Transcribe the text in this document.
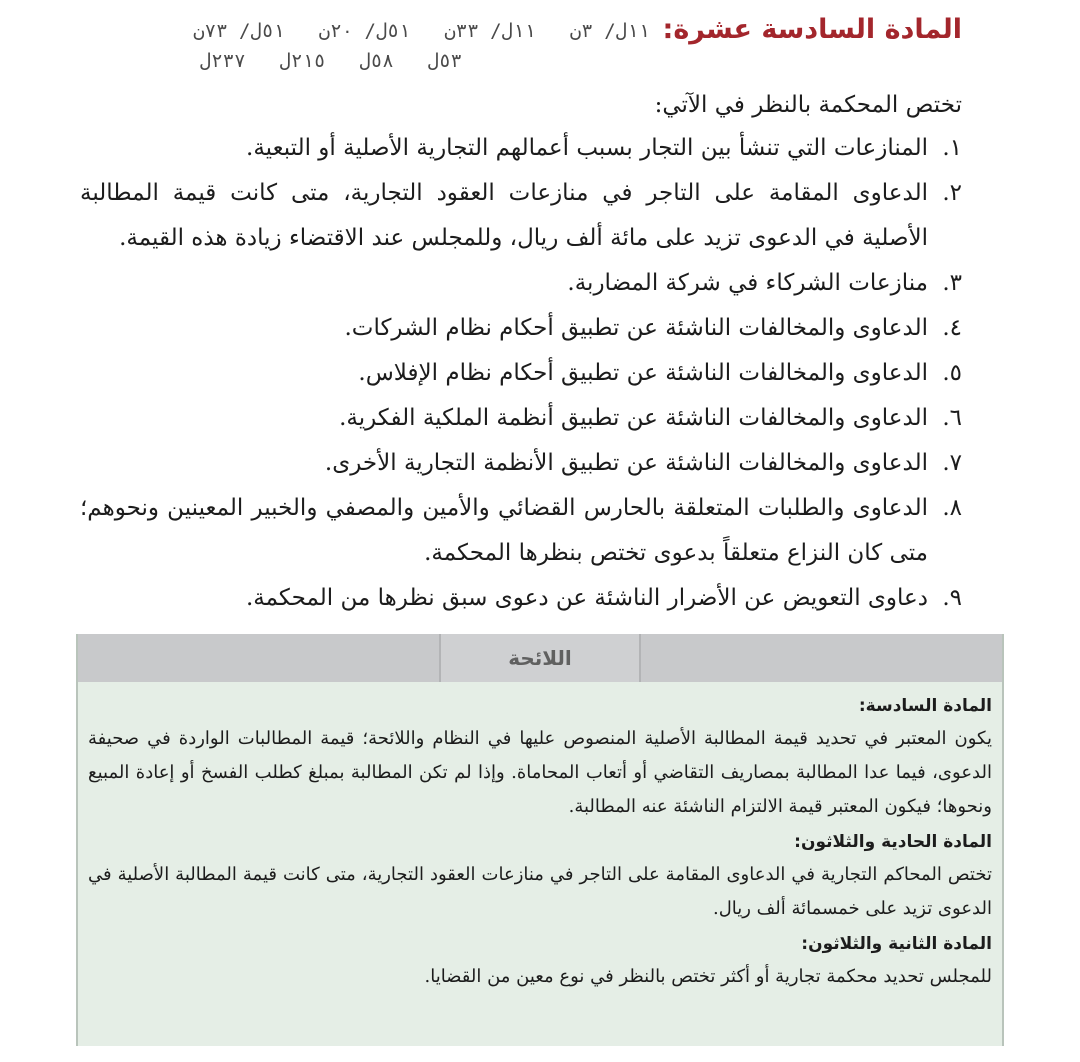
المادة السادسة عشرة:
١١ل/ ٣ن
١١ل/ ٣٣ن
٥١ل/ ٢٠ن
٥١ل/ ٧٣ن
٥٣ل
٥٨ل
٢١٥ل
٢٣٧ل

تختص المحكمة بالنظر في الآتي:

١.
المنازعات التي تنشأ بين التجار بسبب أعمالهم التجارية الأصلية أو التبعية.
٢.
الدعاوى المقامة على التاجر في منازعات العقود التجارية، متى كانت قيمة المطالبة الأصلية في الدعوى تزيد على مائة ألف ريال، وللمجلس عند الاقتضاء زيادة هذه القيمة.
٣.
منازعات الشركاء في شركة المضاربة.
٤.
الدعاوى والمخالفات الناشئة عن تطبيق أحكام نظام الشركات.
٥.
الدعاوى والمخالفات الناشئة عن تطبيق أحكام نظام الإفلاس.
٦.
الدعاوى والمخالفات الناشئة عن تطبيق أنظمة الملكية الفكرية.
٧.
الدعاوى والمخالفات الناشئة عن تطبيق الأنظمة التجارية الأخرى.
٨.
الدعاوى والطلبات المتعلقة بالحارس القضائي والأمين والمصفي والخبير المعينين ونحوهم؛ متى كان النزاع متعلقاً بدعوى تختص بنظرها المحكمة.
٩.
دعاوى التعويض عن الأضرار الناشئة عن دعوى سبق نظرها من المحكمة.
اللائحة

المادة السادسة:

يكون المعتبر في تحديد قيمة المطالبة الأصلية المنصوص عليها في النظام واللائحة؛ قيمة المطالبات الواردة في صحيفة الدعوى، فيما عدا المطالبة بمصاريف التقاضي أو أتعاب المحاماة. وإذا لم تكن المطالبة بمبلغ كطلب الفسخ أو إعادة المبيع ونحوها؛ فيكون المعتبر قيمة الالتزام الناشئة عنه المطالبة.

المادة الحادية والثلاثون:

تختص المحاكم التجارية في الدعاوى المقامة على التاجر في منازعات العقود التجارية، متى كانت قيمة المطالبة الأصلية في الدعوى تزيد على خمسمائة ألف ريال.

المادة الثانية والثلاثون:

للمجلس تحديد محكمة تجارية أو أكثر تختص بالنظر في نوع معين من القضايا.
